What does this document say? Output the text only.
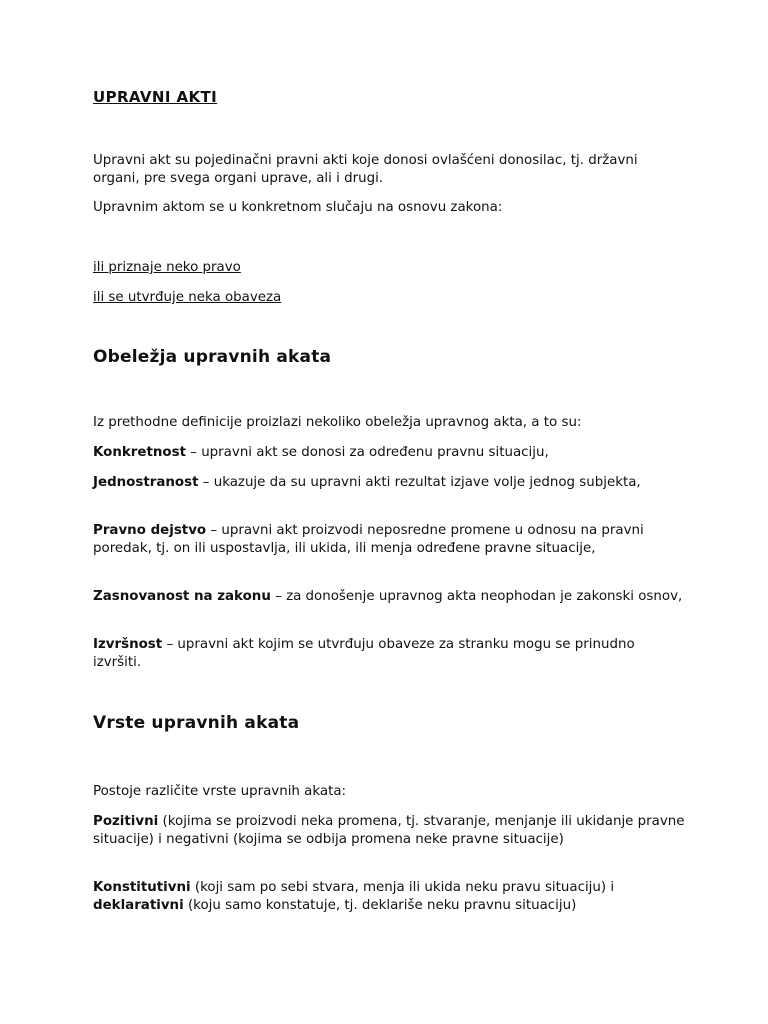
UPRAVNI AKTI

Upravni akt su pojedinačni pravni akti koje donosi ovlašćeni donosilac, tj. državni organi, pre svega organi uprave, ali i drugi.

Upravnim aktom se u konkretnom slučaju na osnovu zakona:

ili priznaje neko pravo

ili se utvrđuje neka obaveza

Obeležja upravnih akata

Iz prethodne definicije proizlazi nekoliko obeležja upravnog akta, a to su:

Konkretnost – upravni akt se donosi za određenu pravnu situaciju,

Jednostranost – ukazuje da su upravni akti rezultat izjave volje jednog subjekta,

Pravno dejstvo – upravni akt proizvodi neposredne promene u odnosu na pravni poredak, tj. on ili uspostavlja, ili ukida, ili menja određene pravne situacije,

Zasnovanost na zakonu – za donošenje upravnog akta neophodan je zakonski osnov,

Izvršnost – upravni akt kojim se utvrđuju obaveze za stranku mogu se prinudno izvršiti.

Vrste upravnih akata

Postoje različite vrste upravnih akata:

Pozitivni (kojima se proizvodi neka promena, tj. stvaranje, menjanje ili ukidanje pravne situacije) i negativni (kojima se odbija promena neke pravne situacije)

Konstitutivni (koji sam po sebi stvara, menja ili ukida neku pravu situaciju) i deklarativni (koju samo konstatuje, tj. deklariše neku pravnu situaciju)
